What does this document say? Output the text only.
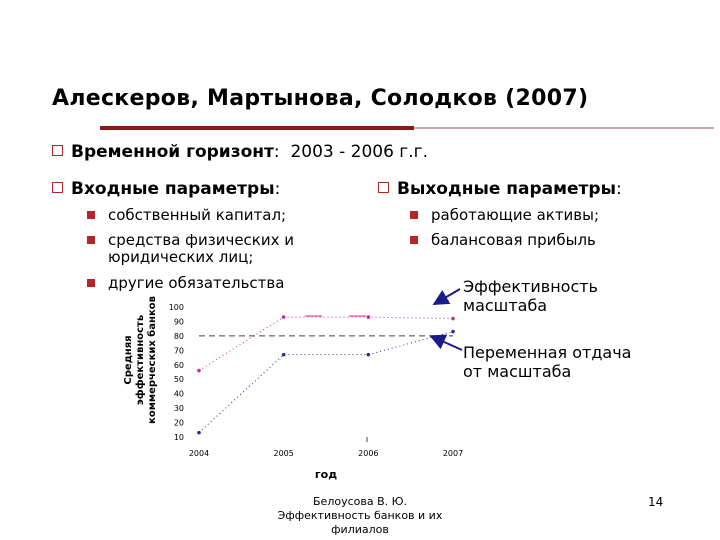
Алескеров, Мартынова, Солодков (2007)
Временной горизонт: 2003 - 2006 г.г.
Входные параметры:	Выходные параметры:
собственный капитал;
средства физических и
юридических лиц;
другие обязательства
работающие активы;
балансовая прибыль
Средняя эффективность коммерческих банков 100
90
80
70
60
50
40
30
20
10
2004	2005	2006	2007
год
Эффективность
масштаба
Переменная отдача
от масштаба
Белоусова В. Ю.
Эффективность банков и их
филиалов
14
